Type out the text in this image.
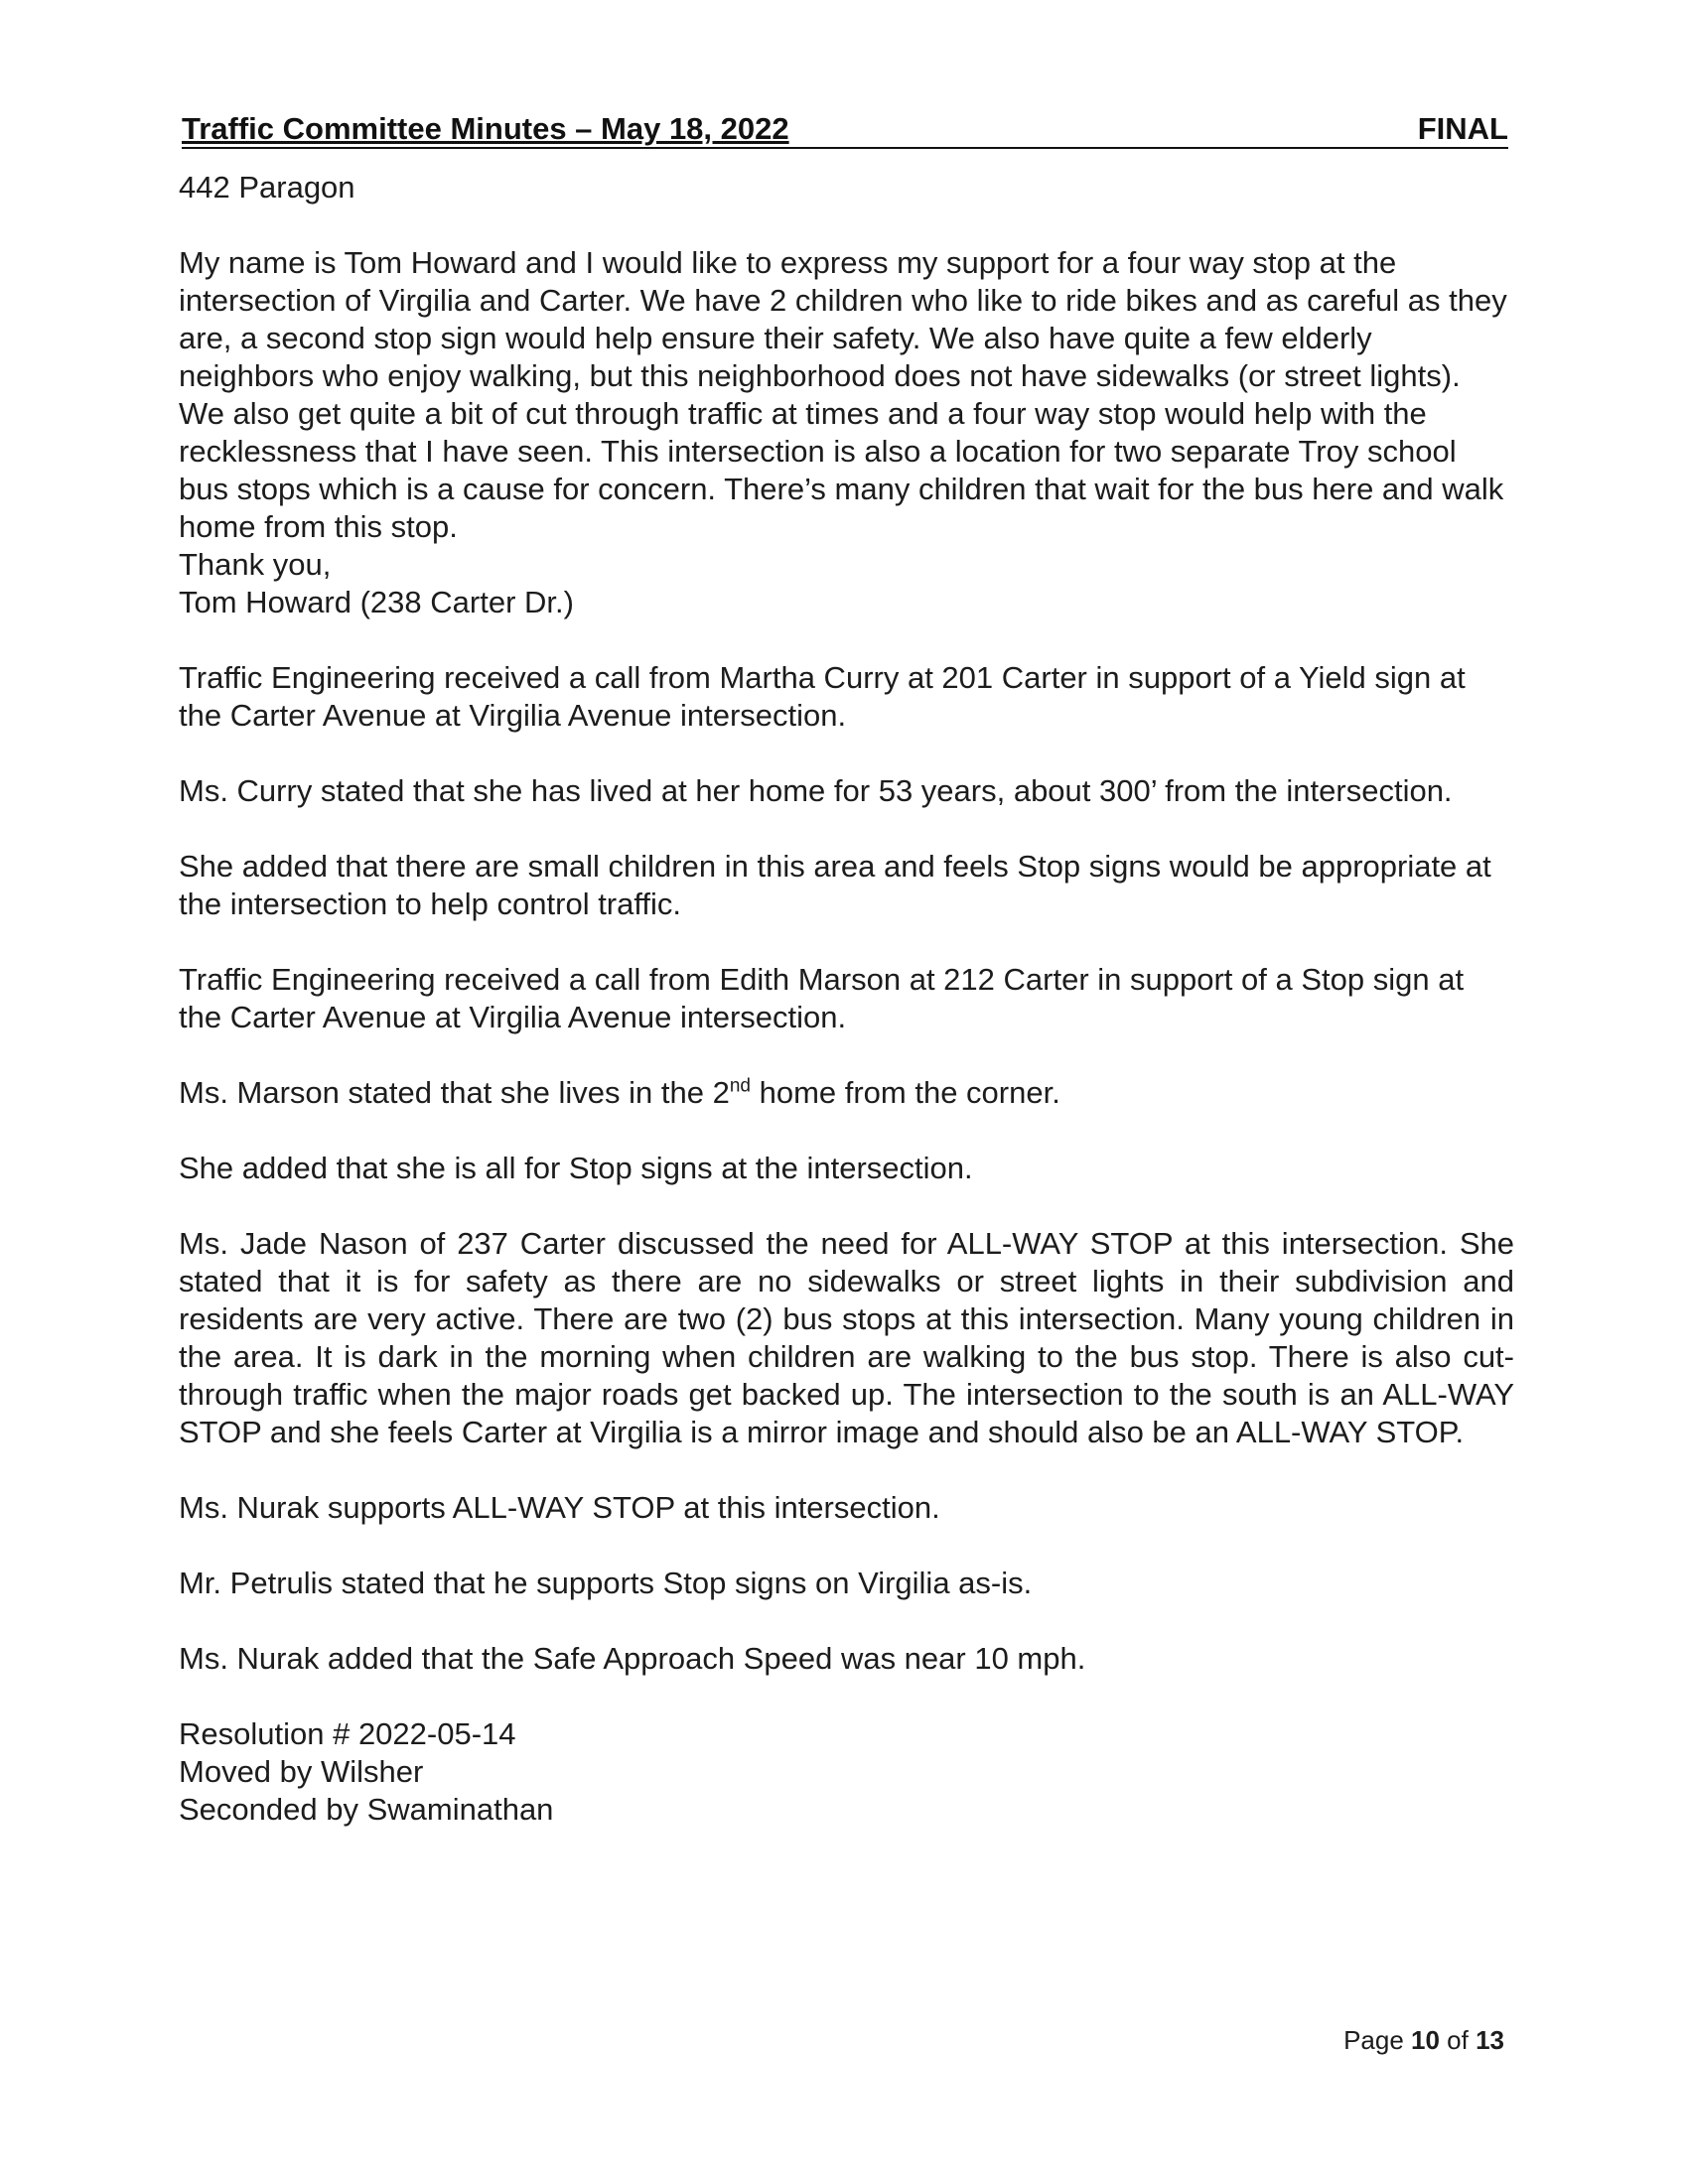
Traffic Committee Minutes – May 18, 2022	FINAL

442 Paragon

My name is Tom Howard and I would like to express my support for a four way stop at the intersection of Virgilia and Carter. We have 2 children who like to ride bikes and as careful as they are, a second stop sign would help ensure their safety. We also have quite a few elderly neighbors who enjoy walking, but this neighborhood does not have sidewalks (or street lights). We also get quite a bit of cut through traffic at times and a four way stop would help with the recklessness that I have seen. This intersection is also a location for two separate Troy school bus stops which is a cause for concern. There’s many children that wait for the bus here and walk home from this stop.

Thank you,

Tom Howard (238 Carter Dr.)

Traffic Engineering received a call from Martha Curry at 201 Carter in support of a Yield sign at the Carter Avenue at Virgilia Avenue intersection.

Ms. Curry stated that she has lived at her home for 53 years, about 300’ from the intersection.

She added that there are small children in this area and feels Stop signs would be appropriate at the intersection to help control traffic.

Traffic Engineering received a call from Edith Marson at 212 Carter in support of a Stop sign at the Carter Avenue at Virgilia Avenue intersection.

Ms. Marson stated that she lives in the 2nd home from the corner.

She added that she is all for Stop signs at the intersection.

Ms. Jade Nason of 237 Carter discussed the need for ALL-WAY STOP at this intersection. She stated that it is for safety as there are no sidewalks or street lights in their subdivision and residents are very active. There are two (2) bus stops at this intersection. Many young children in the area. It is dark in the morning when children are walking to the bus stop. There is also cut-through traffic when the major roads get backed up. The intersection to the south is an ALL-WAY STOP and she feels Carter at Virgilia is a mirror image and should also be an ALL-WAY STOP.

Ms. Nurak supports ALL-WAY STOP at this intersection.

Mr. Petrulis stated that he supports Stop signs on Virgilia as-is.

Ms. Nurak added that the Safe Approach Speed was near 10 mph.

Resolution # 2022-05-14

Moved by Wilsher

Seconded by Swaminathan

Page 10 of 13
